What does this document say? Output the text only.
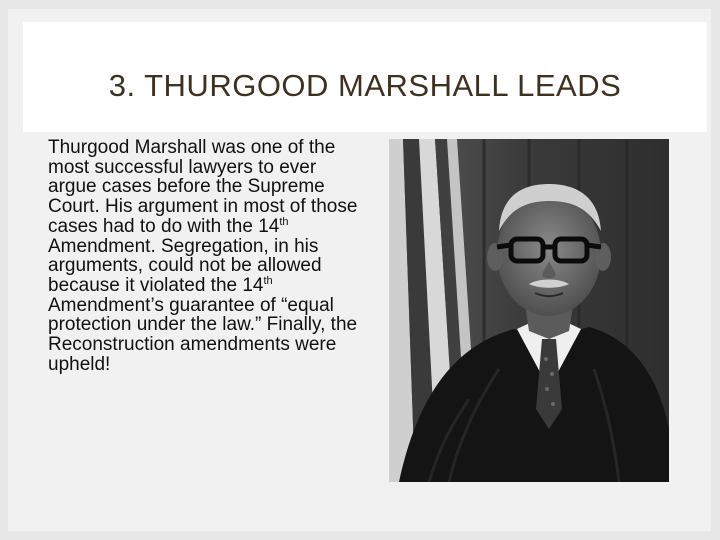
3. THURGOOD MARSHALL LEADS
Thurgood Marshall was one of the most successful lawyers to ever argue cases before the Supreme Court. His argument in most of those cases had to do with the 14th Amendment. Segregation, in his arguments, could not be allowed because it violated the 14th Amendment’s guarantee of “equal protection under the law.” Finally, the Reconstruction amendments were upheld!
